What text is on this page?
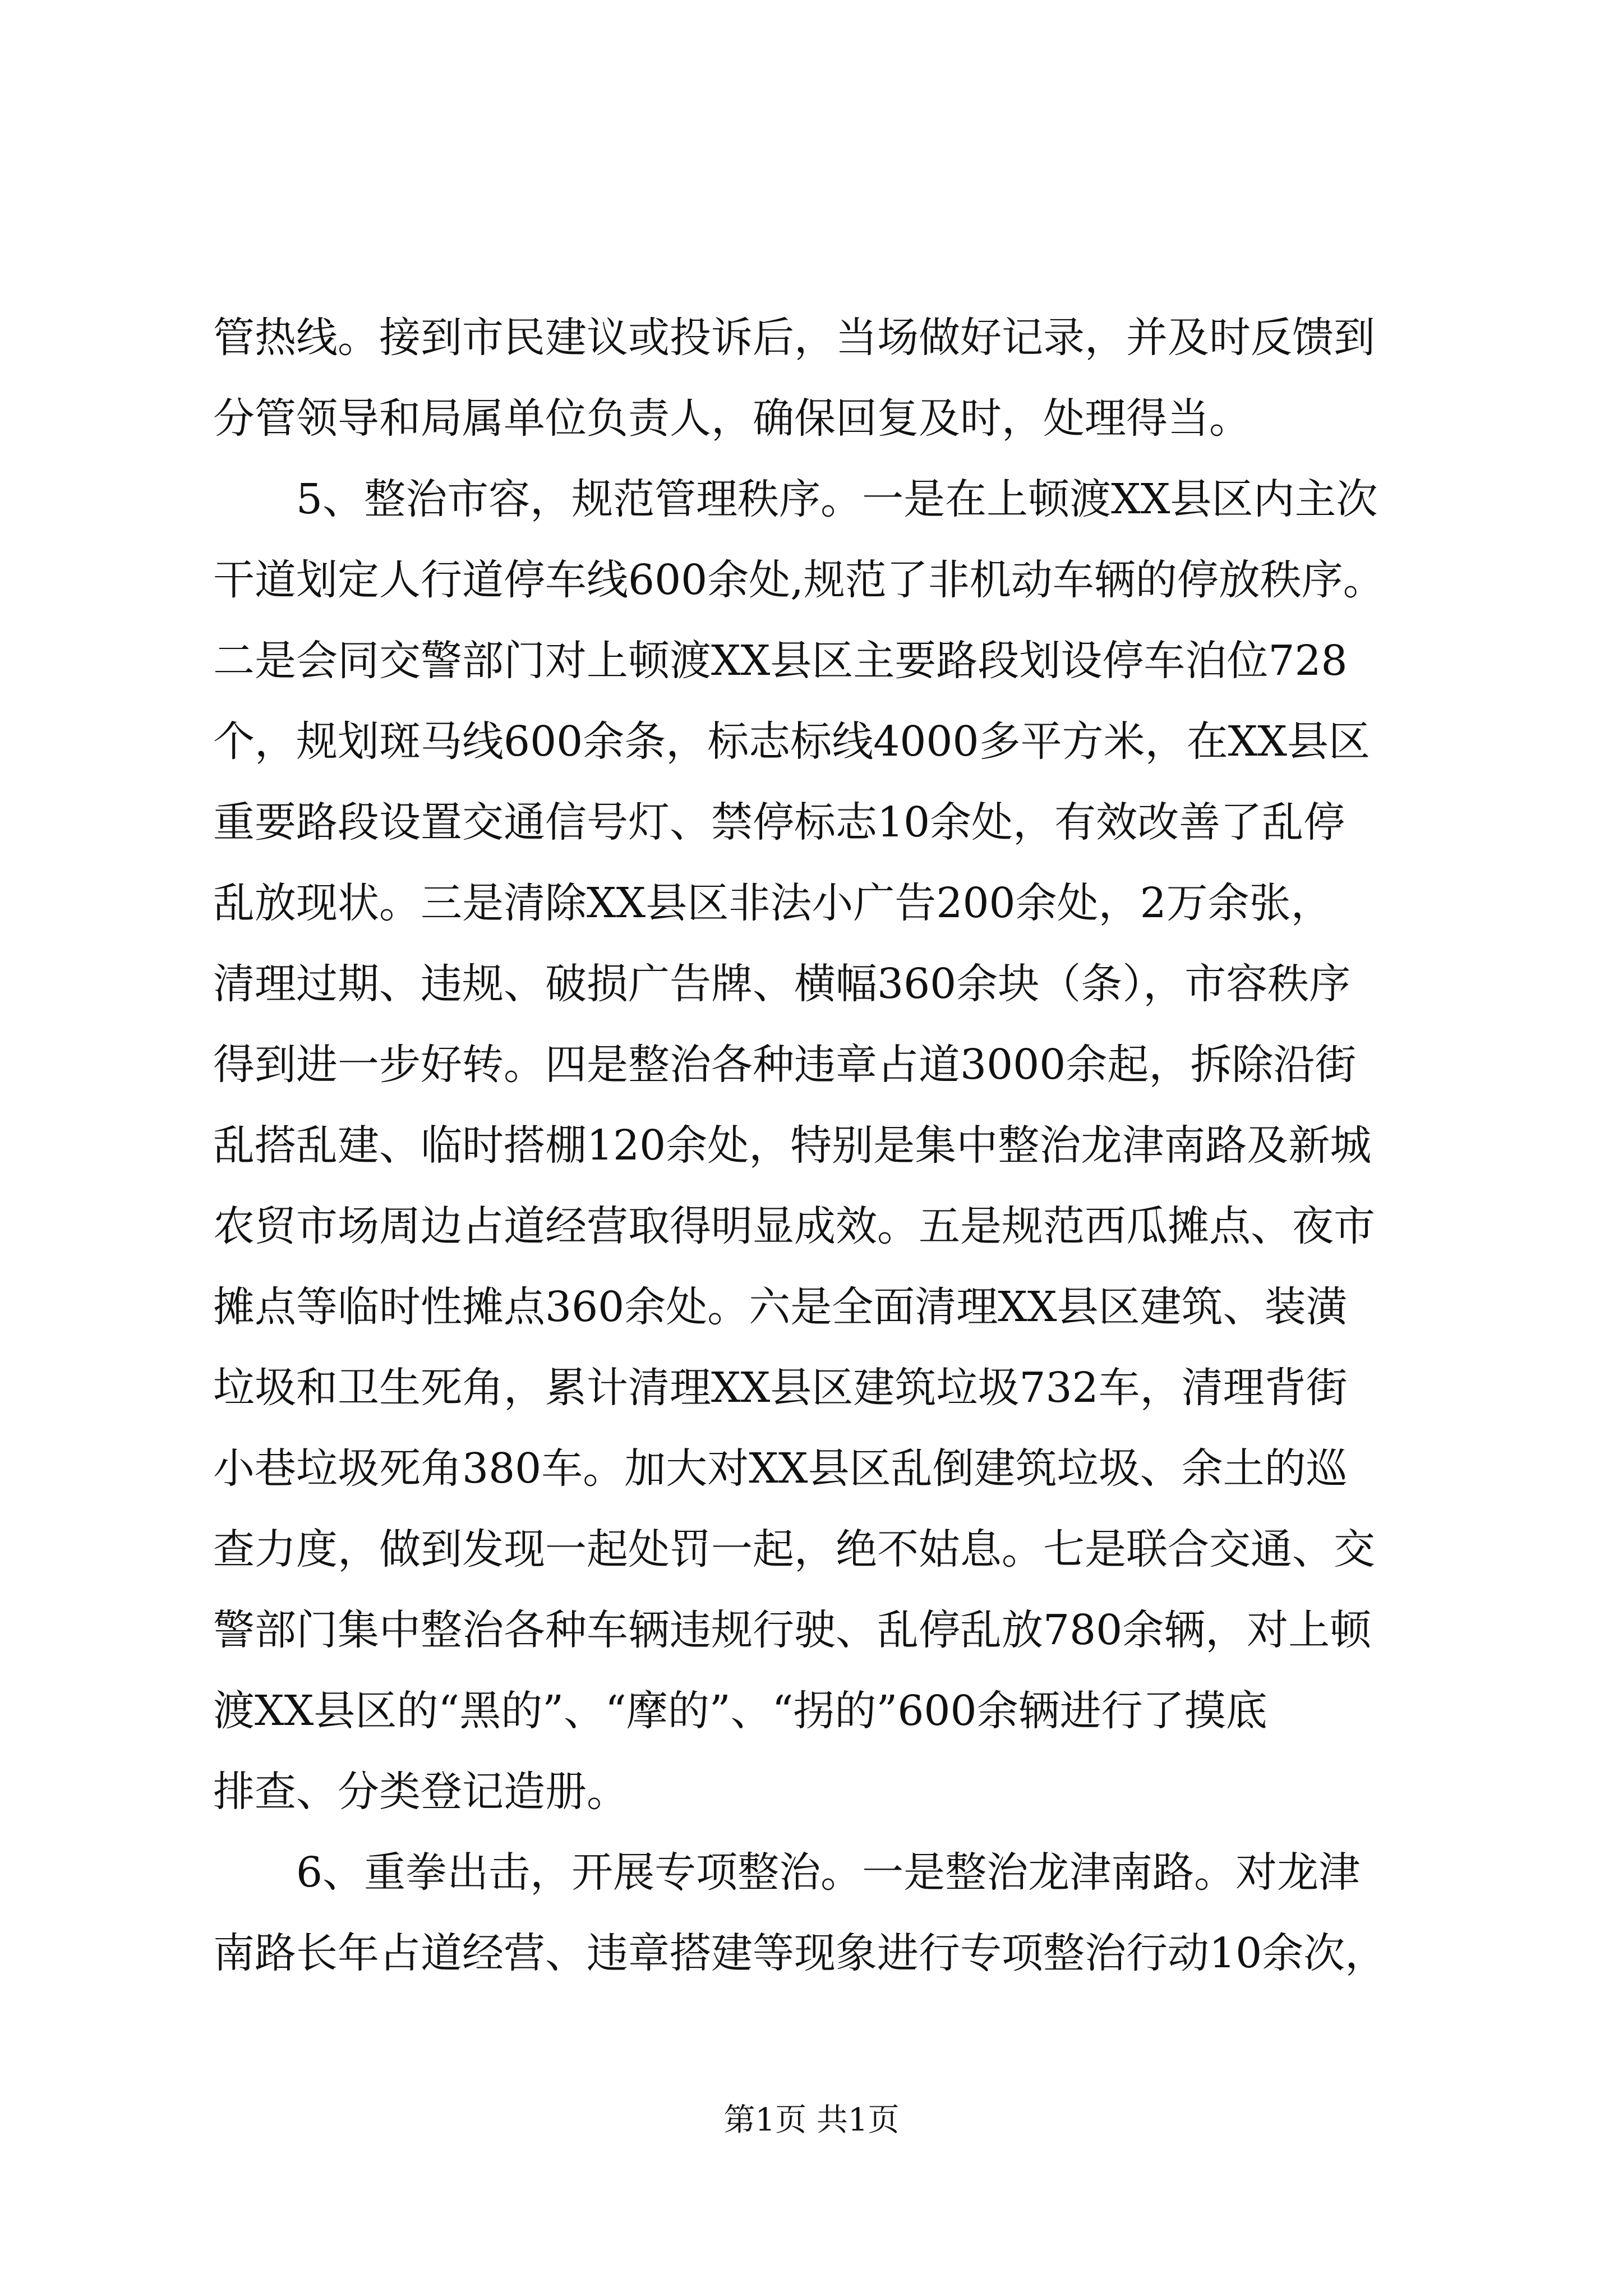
管热线。接到市民建议或投诉后，当场做好记录，并及时反馈到
分管领导和局属单位负责人，确保回复及时，处理得当。
5、整治市容，规范管理秩序。一是在上顿渡XX县区内主次
干道划定人行道停车线600余处,规范了非机动车辆的停放秩序。
二是会同交警部门对上顿渡XX县区主要路段划设停车泊位728
个，规划斑马线600余条，标志标线4000多平方米，在XX县区
重要路段设置交通信号灯、禁停标志10余处，有效改善了乱停
乱放现状。三是清除XX县区非法小广告200余处，2万余张，
清理过期、违规、破损广告牌、横幅360余块（条），市容秩序
得到进一步好转。四是整治各种违章占道3000余起，拆除沿街
乱搭乱建、临时搭棚120余处，特别是集中整治龙津南路及新城
农贸市场周边占道经营取得明显成效。五是规范西瓜摊点、夜市
摊点等临时性摊点360余处。六是全面清理XX县区建筑、装潢
垃圾和卫生死角，累计清理XX县区建筑垃圾732车，清理背街
小巷垃圾死角380车。加大对XX县区乱倒建筑垃圾、余土的巡
查力度，做到发现一起处罚一起，绝不姑息。七是联合交通、交
警部门集中整治各种车辆违规行驶、乱停乱放780余辆，对上顿
渡XX县区的“黑的”、“摩的”、“拐的”600余辆进行了摸底
排查、分类登记造册。
6、重拳出击，开展专项整治。一是整治龙津南路。对龙津
南路长年占道经营、违章搭建等现象进行专项整治行动10余次，
第1页 共1页
